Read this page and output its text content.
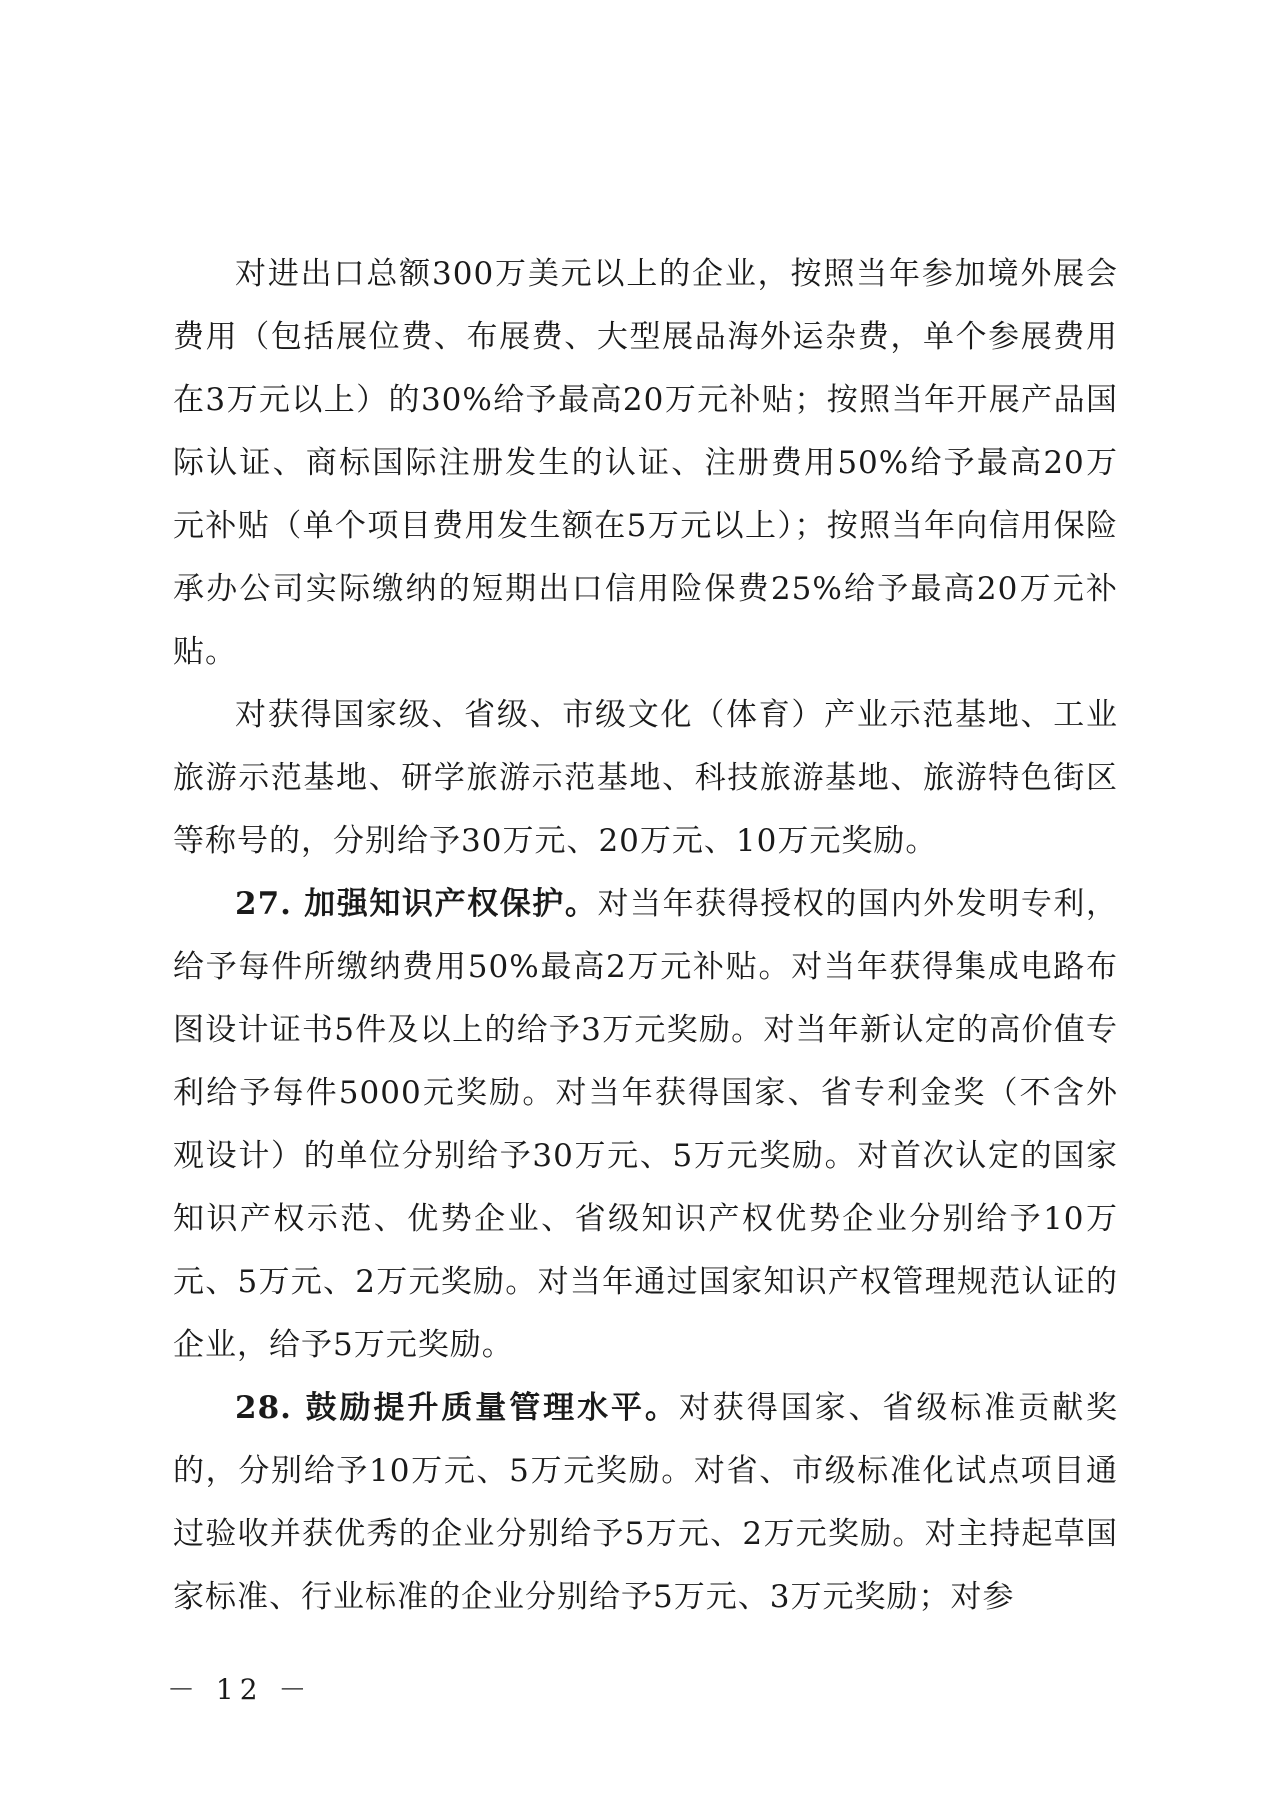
对进出口总额300万美元以上的企业，按照当年参加境外展会费用（包括展位费、布展费、大型展品海外运杂费，单个参展费用在3万元以上）的30%给予最高20万元补贴；按照当年开展产品国际认证、商标国际注册发生的认证、注册费用50%给予最高20万元补贴（单个项目费用发生额在5万元以上）；按照当年向信用保险承办公司实际缴纳的短期出口信用险保费25%给予最高20万元补贴。

对获得国家级、省级、市级文化（体育）产业示范基地、工业旅游示范基地、研学旅游示范基地、科技旅游基地、旅游特色街区等称号的，分别给予30万元、20万元、10万元奖励。

27. 加强知识产权保护。对当年获得授权的国内外发明专利，给予每件所缴纳费用50%最高2万元补贴。对当年获得集成电路布图设计证书5件及以上的给予3万元奖励。对当年新认定的高价值专利给予每件5000元奖励。对当年获得国家、省专利金奖（不含外观设计）的单位分别给予30万元、5万元奖励。对首次认定的国家知识产权示范、优势企业、省级知识产权优势企业分别给予10万元、5万元、2万元奖励。对当年通过国家知识产权管理规范认证的企业，给予5万元奖励。

28. 鼓励提升质量管理水平。对获得国家、省级标准贡献奖的，分别给予10万元、5万元奖励。对省、市级标准化试点项目通过验收并获优秀的企业分别给予5万元、2万元奖励。对主持起草国家标准、行业标准的企业分别给予5万元、3万元奖励；对参

－ 12 －
